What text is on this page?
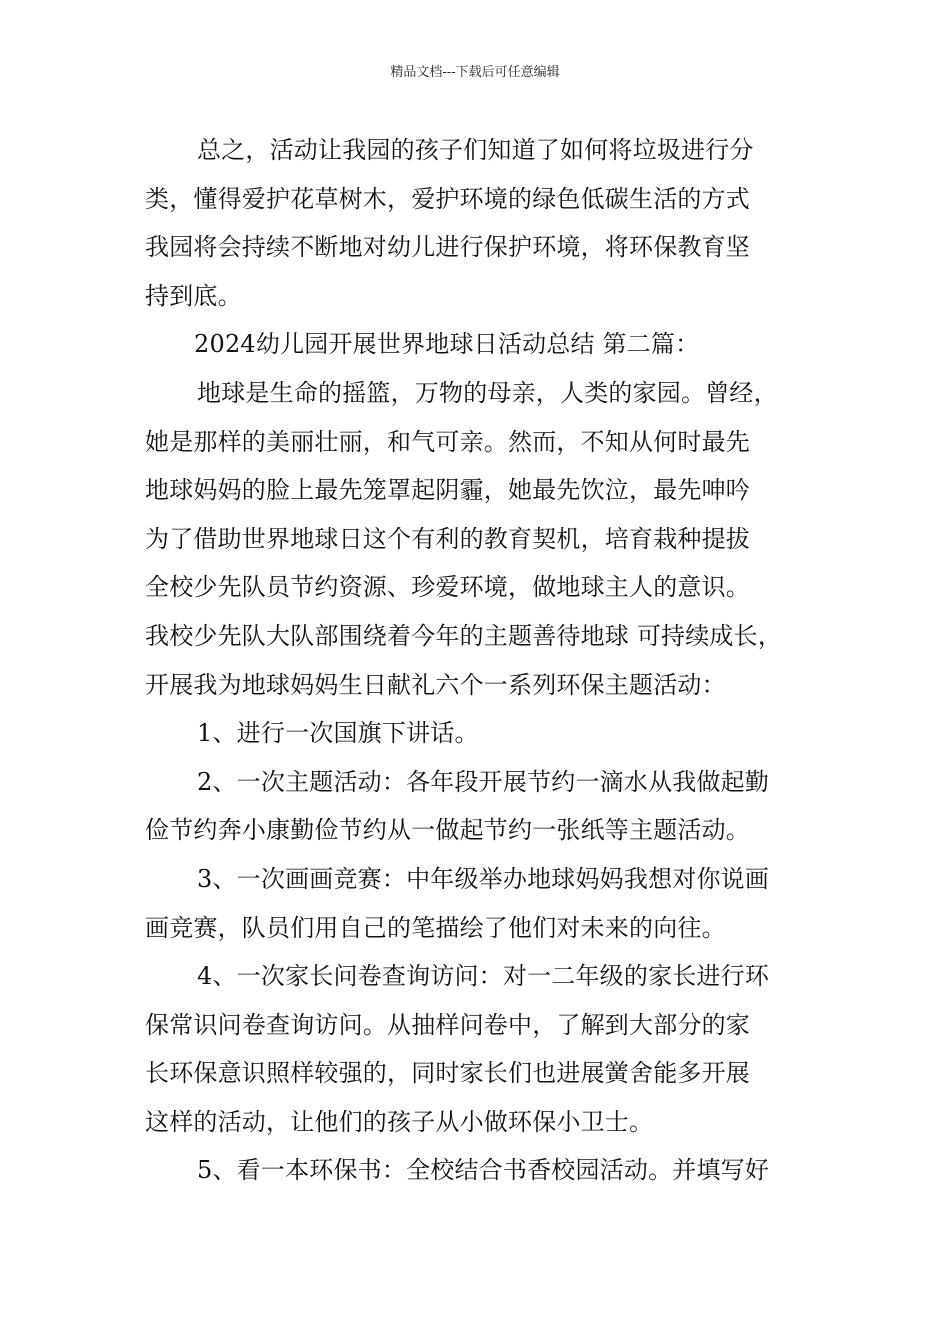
精品文档---下载后可任意编辑
总之，活动让我园的孩子们知道了如何将垃圾进行分
类，懂得爱护花草树木，爱护环境的绿色低碳生活的方式
我园将会持续不断地对幼儿进行保护环境，将环保教育坚
持到底。
2024幼儿园开展世界地球日活动总结 第二篇：
地球是生命的摇篮，万物的母亲，人类的家园。曾经，
她是那样的美丽壮丽，和气可亲。然而，不知从何时最先
地球妈妈的脸上最先笼罩起阴霾，她最先饮泣，最先呻吟
为了借助世界地球日这个有利的教育契机，培育栽种提拔
全校少先队员节约资源、珍爱环境，做地球主人的意识。
我校少先队大队部围绕着今年的主题善待地球 可持续成长，
开展我为地球妈妈生日献礼六个一系列环保主题活动：
1、进行一次国旗下讲话。
2、一次主题活动：各年段开展节约一滴水从我做起勤
俭节约奔小康勤俭节约从一做起节约一张纸等主题活动。
3、一次画画竞赛：中年级举办地球妈妈我想对你说画
画竞赛，队员们用自己的笔描绘了他们对未来的向往。
4、一次家长问卷查询访问：对一二年级的家长进行环
保常识问卷查询访问。从抽样问卷中，了解到大部分的家
长环保意识照样较强的，同时家长们也进展黉舍能多开展
这样的活动，让他们的孩子从小做环保小卫士。
5、看一本环保书：全校结合书香校园活动。并填写好
